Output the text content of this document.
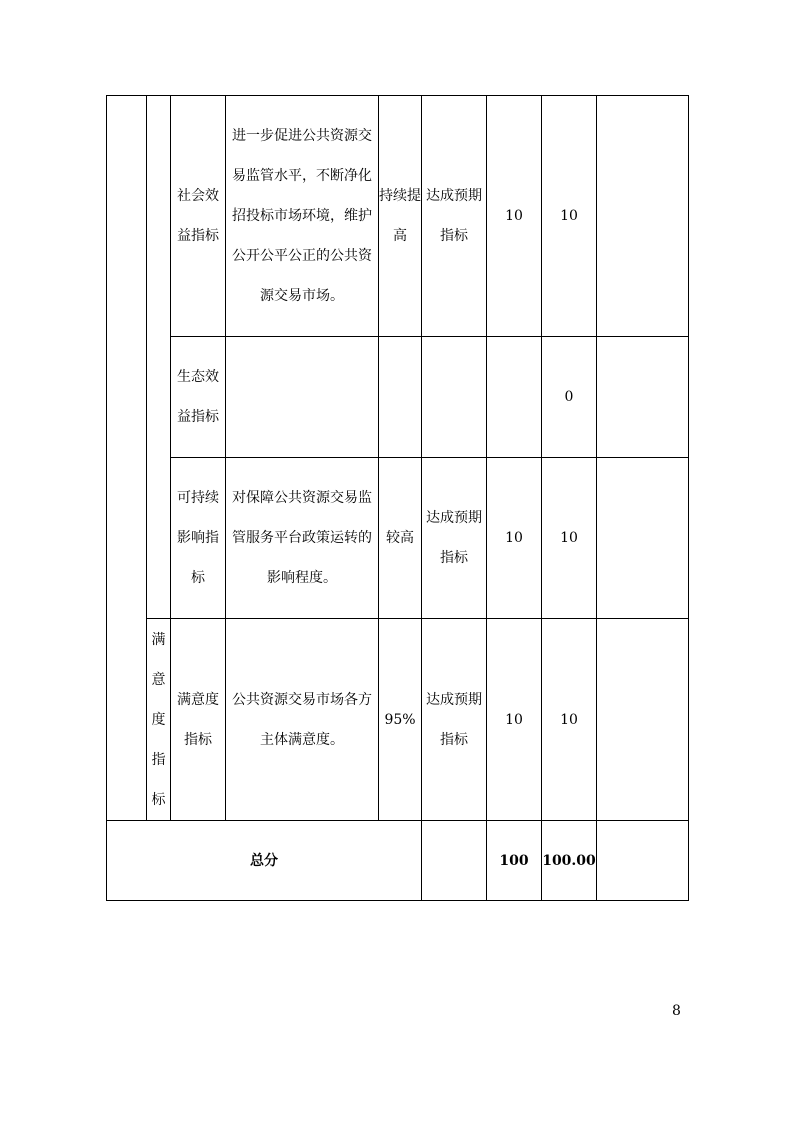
		社会效益指标	进一步促进公共资源交易监管水平，不断净化招投标市场环境，维护公开公平公正的公共资源交易市场。	持续提高	达成预期指标	10	10	
		生态效益指标					0	
		可持续影响指标	对保障公共资源交易监管服务平台政策运转的影响程度。	较高	达成预期指标	10	10	
	满意度指标	满意度指标	公共资源交易市场各方主体满意度。	95%	达成预期指标	10	10	
总分						100	100.00	
8
